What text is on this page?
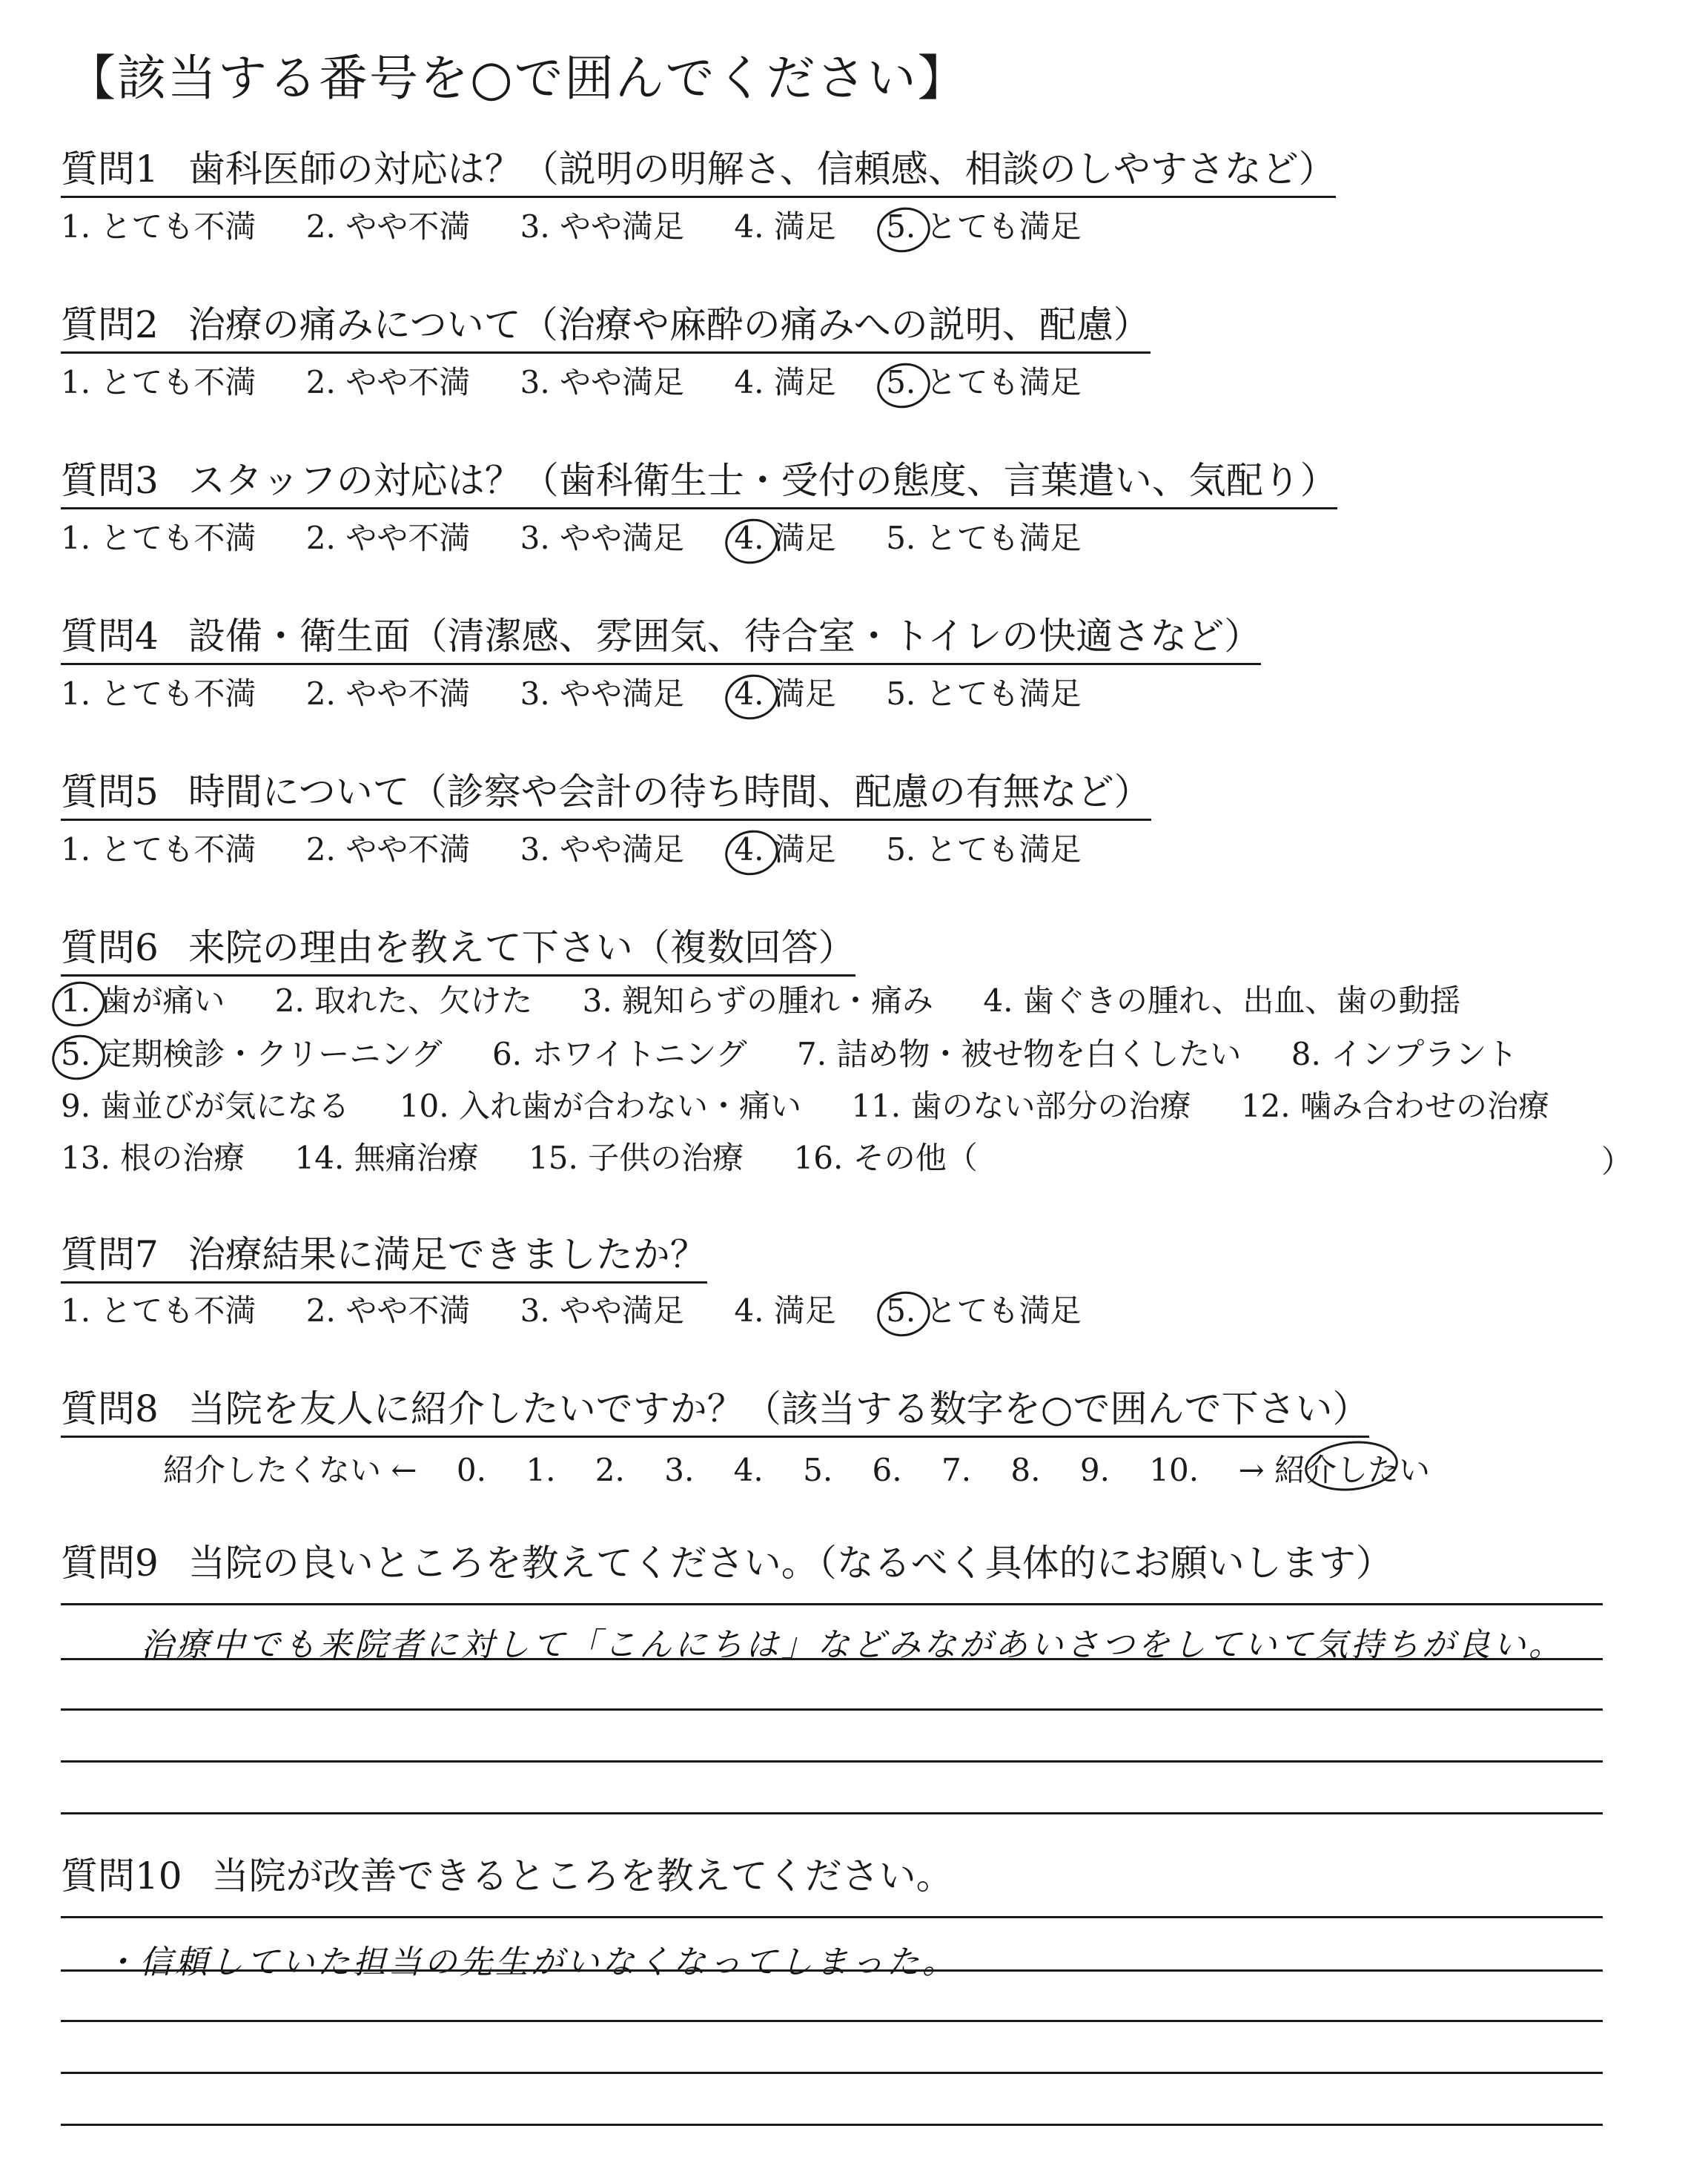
【該当する番号を○で囲んでください】
質問1 歯科医師の対応は？（説明の明解さ、信頼感、相談のしやすさなど）
1. とても不満 2. やや不満 3. やや満足 4. 満足 5. とても満足
質問2 治療の痛みについて（治療や麻酔の痛みへの説明、配慮）
1. とても不満 2. やや不満 3. やや満足 4. 満足 5. とても満足
質問3 スタッフの対応は？（歯科衛生士・受付の態度、言葉遣い、気配り）
1. とても不満 2. やや不満 3. やや満足 4. 満足 5. とても満足
質問4 設備・衛生面（清潔感、雰囲気、待合室・トイレの快適さなど）
1. とても不満 2. やや不満 3. やや満足 4. 満足 5. とても満足
質問5 時間について（診察や会計の待ち時間、配慮の有無など）
1. とても不満 2. やや不満 3. やや満足 4. 満足 5. とても満足
質問6 来院の理由を教えて下さい（複数回答）
1. 歯が痛い 2. 取れた、欠けた 3. 親知らずの腫れ・痛み 4. 歯ぐきの腫れ、出血、歯の動揺
5. 定期検診・クリーニング 6. ホワイトニング 7. 詰め物・被せ物を白くしたい 8. インプラント
9. 歯並びが気になる 10. 入れ歯が合わない・痛い 11. 歯のない部分の治療 12. 噛み合わせの治療
13. 根の治療 14. 無痛治療 15. 子供の治療 16. その他（	）
質問7 治療結果に満足できましたか？
1. とても不満 2. やや不満 3. やや満足 4. 満足 5. とても満足
質問8 当院を友人に紹介したいですか？（該当する数字を○で囲んで下さい）
紹介したくない ← 0. 1. 2. 3. 4. 5. 6. 7. 8. 9. 10. → 紹介したい
質問9 当院の良いところを教えてください。（なるべく具体的にお願いします）
治療中でも来院者に対して「こんにちは」などみながあいさつをしていて気持ちが良い。
質問10 当院が改善できるところを教えてください。
・信頼していた担当の先生がいなくなってしまった。
